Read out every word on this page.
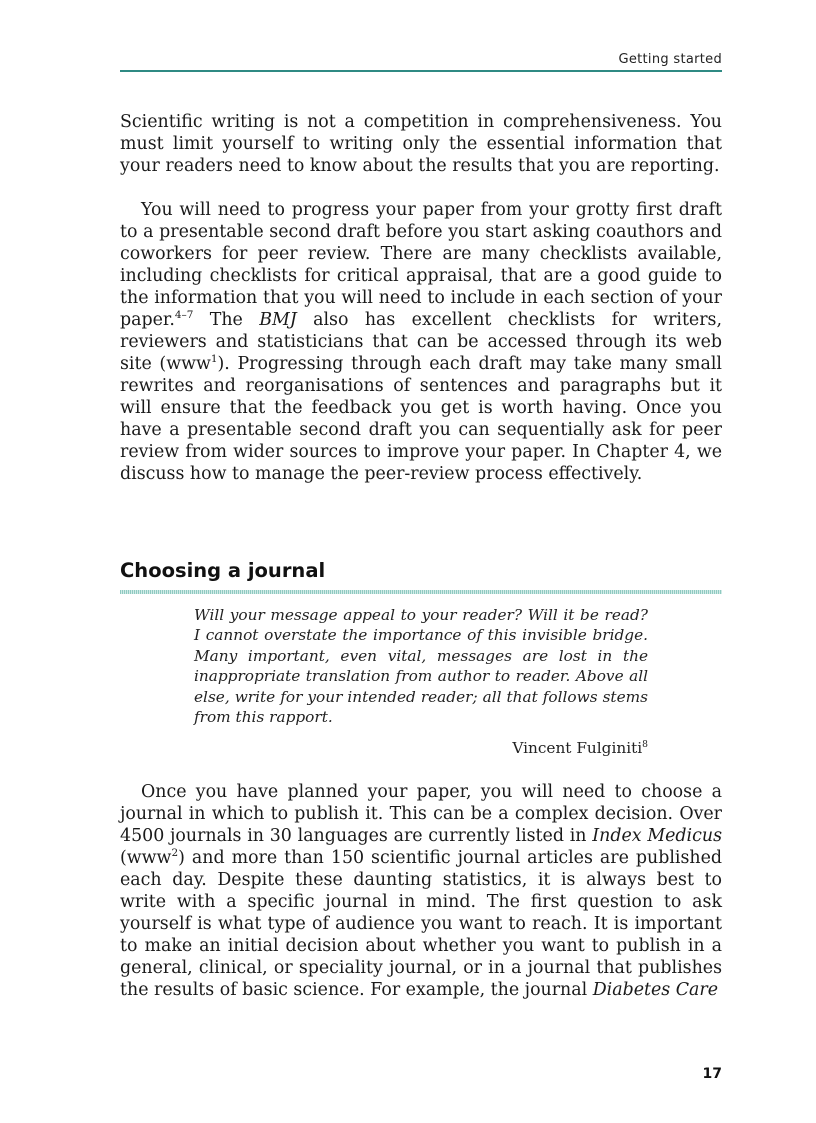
Getting started

Scientific writing is not a competition in comprehensiveness. You must limit yourself to writing only the essential information that your readers need to know about the results that you are reporting.

You will need to progress your paper from your grotty first draft to a presentable second draft before you start asking coauthors and coworkers for peer review. There are many checklists available, including checklists for critical appraisal, that are a good guide to the information that you will need to include in each section of your paper.$^{4-7}$ The BMJ also has excellent checklists for writers, reviewers and statisticians that can be accessed through its web site (www$^1$). Progressing through each draft may take many small rewrites and reorganisations of sentences and paragraphs but it will ensure that the feedback you get is worth having. Once you have a presentable second draft you can sequentially ask for peer review from wider sources to improve your paper. In Chapter 4, we discuss how to manage the peer-review process effectively.

Choosing a journal

Will your message appeal to your reader? Will it be read? I cannot overstate the importance of this invisible bridge. Many important, even vital, messages are lost in the inappropriate translation from author to reader. Above all else, write for your intended reader; all that follows stems from this rapport.

Vincent Fulginiti$^8$

Once you have planned your paper, you will need to choose a journal in which to publish it. This can be a complex decision. Over 4500 journals in 30 languages are currently listed in Index Medicus (www$^2$) and more than 150 scientific journal articles are published each day. Despite these daunting statistics, it is always best to write with a specific journal in mind. The first question to ask yourself is what type of audience you want to reach. It is important to make an initial decision about whether you want to publish in a general, clinical, or speciality journal, or in a journal that publishes the results of basic science. For example, the journal Diabetes Care

17
